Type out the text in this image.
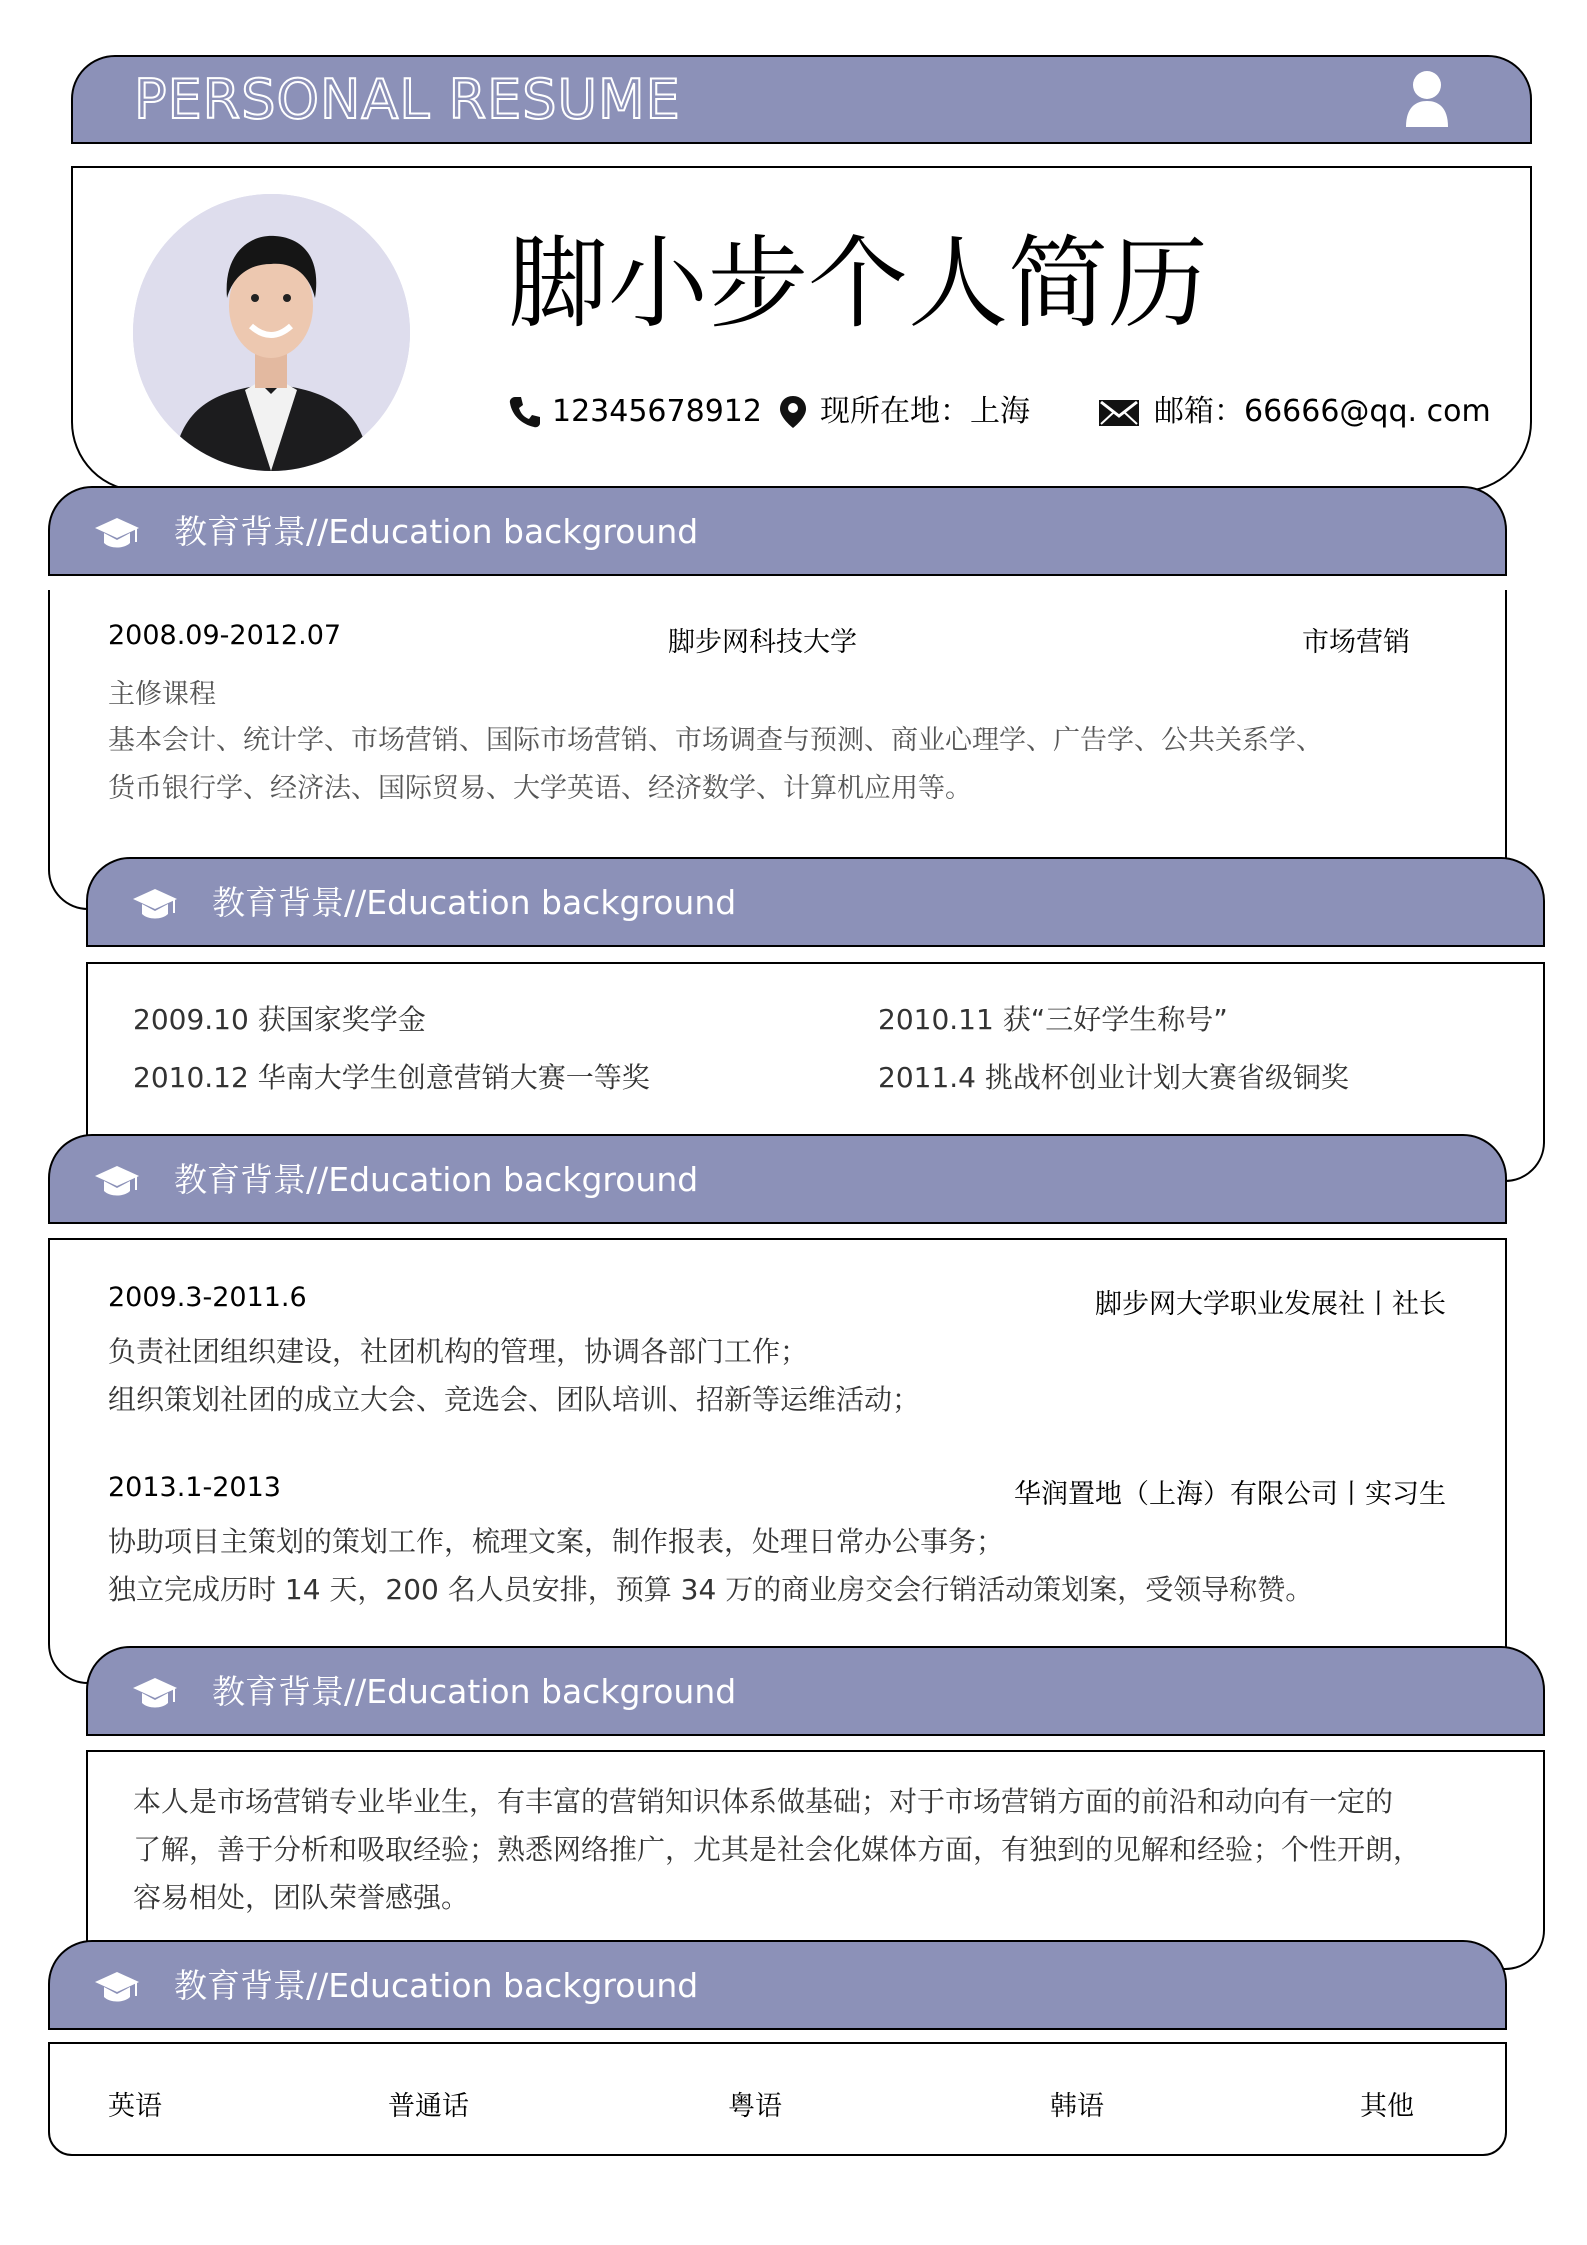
PERSONAL RESUME
脚小步个人简历
12345678912 现所在地：上海	邮箱：66666@qq. com
教育背景//Education background
2008.09-2012.07	脚步网科技大学	市场营销
主修课程
基本会计、统计学、市场营销、国际市场营销、市场调查与预测、商业心理学、广告学、公共关系学、
货币银行学、经济法、国际贸易、大学英语、经济数学、计算机应用等。
教育背景//Education background
2009.10 获国家奖学金	2010.11 获“三好学生称号”
2010.12 华南大学生创意营销大赛一等奖	2011.4 挑战杯创业计划大赛省级铜奖
教育背景//Education background
2009.3-2011.6	脚步网大学职业发展社丨社长
负责社团组织建设，社团机构的管理，协调各部门工作；
组织策划社团的成立大会、竞选会、团队培训、招新等运维活动；
2013.1-2013	华润置地（上海）有限公司丨实习生
协助项目主策划的策划工作，梳理文案，制作报表，处理日常办公事务；
独立完成历时 14 天，200 名人员安排，预算 34 万的商业房交会行销活动策划案，受领导称赞。
教育背景//Education background
本人是市场营销专业毕业生，有丰富的营销知识体系做基础；对于市场营销方面的前沿和动向有一定的
了解，善于分析和吸取经验；熟悉网络推广，尤其是社会化媒体方面，有独到的见解和经验；个性开朗，
容易相处，团队荣誉感强。
教育背景//Education background
英语	普通话	粤语	韩语	其他
